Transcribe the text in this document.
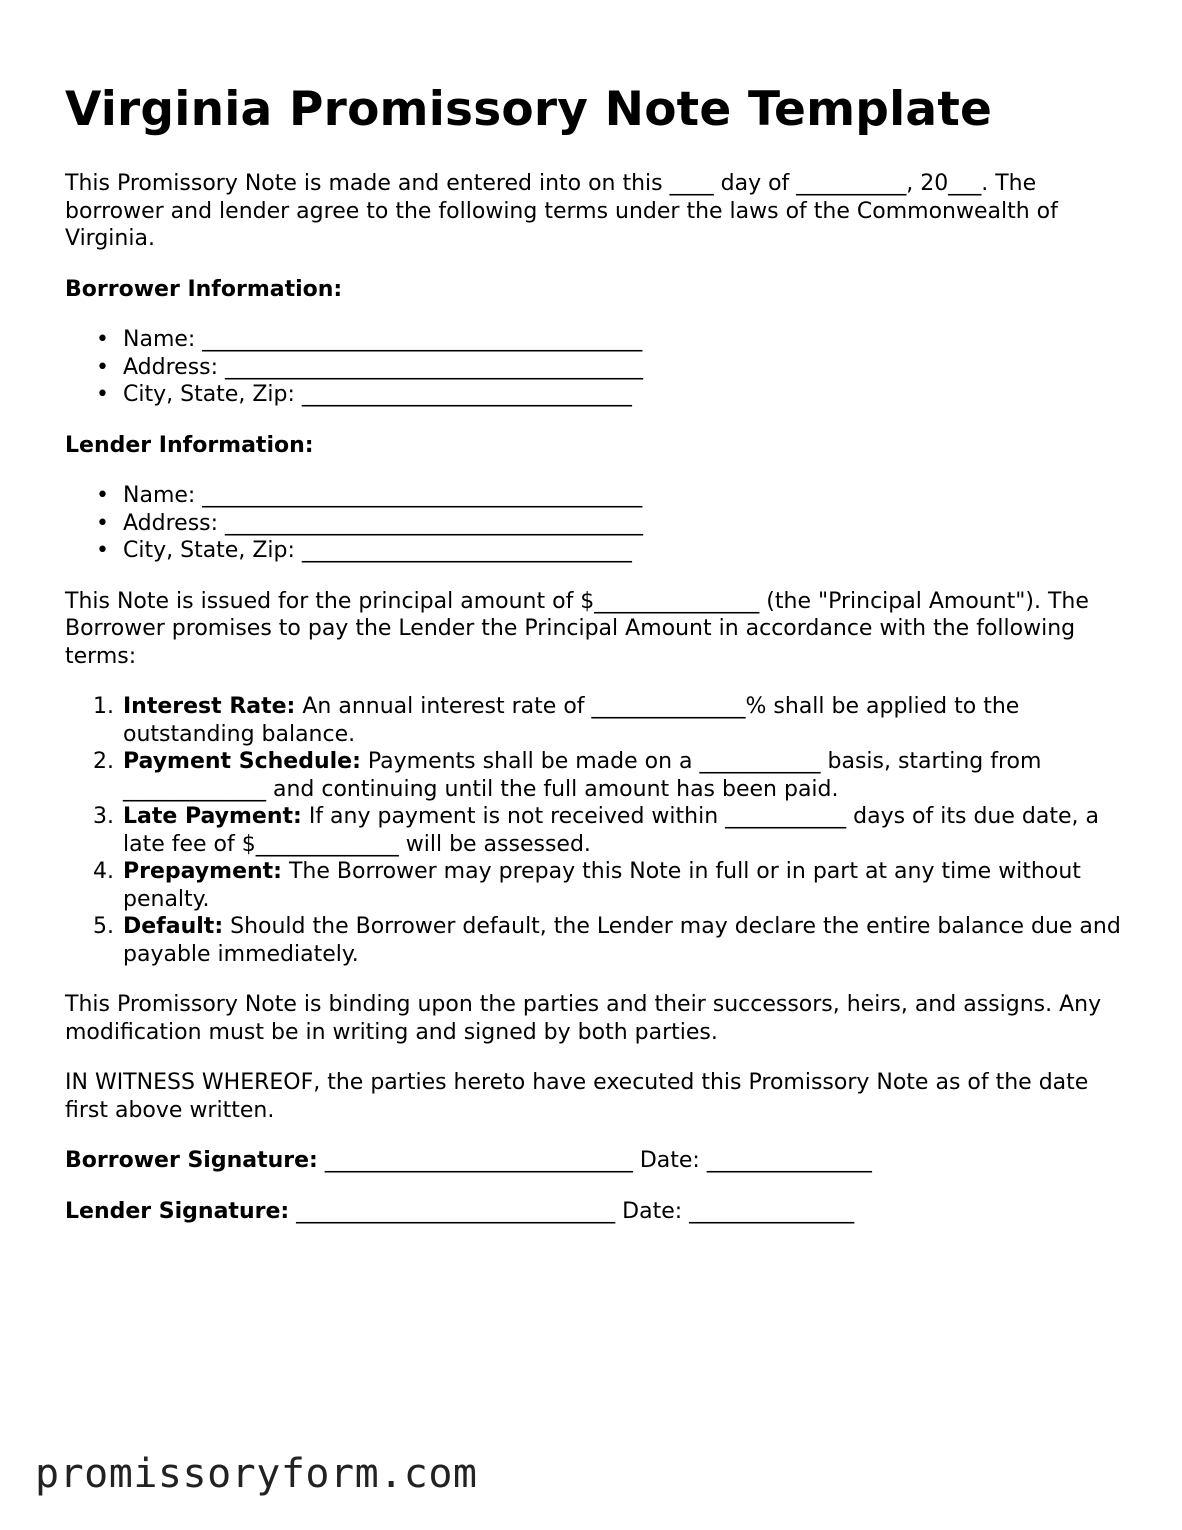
Virginia Promissory Note Template

This Promissory Note is made and entered into on this ____ day of __________, 20___. The borrower and lender agree to the following terms under the laws of the Commonwealth of Virginia.

Borrower Information:
• Name: ________________________________________
• Address: ______________________________________
• City, State, Zip: ______________________________
Lender Information:
• Name: ________________________________________
• Address: ______________________________________
• City, State, Zip: ______________________________

This Note is issued for the principal amount of $_______________ (the "Principal Amount"). The Borrower promises to pay the Lender the Principal Amount in accordance with the following terms:

1. Interest Rate: An annual interest rate of ______________% shall be applied to the outstanding balance.
2. Payment Schedule: Payments shall be made on a ___________ basis, starting from _____________ and continuing until the full amount has been paid.
3. Late Payment: If any payment is not received within ___________ days of its due date, a late fee of $_____________ will be assessed.
4. Prepayment: The Borrower may prepay this Note in full or in part at any time without penalty.
5. Default: Should the Borrower default, the Lender may declare the entire balance due and payable immediately.

This Promissory Note is binding upon the parties and their successors, heirs, and assigns. Any modification must be in writing and signed by both parties.

IN WITNESS WHEREOF, the parties hereto have executed this Promissory Note as of the date first above written.

Borrower Signature: ____________________________ Date: _______________
Lender Signature: _____________________________ Date: _______________
promissoryform.com
